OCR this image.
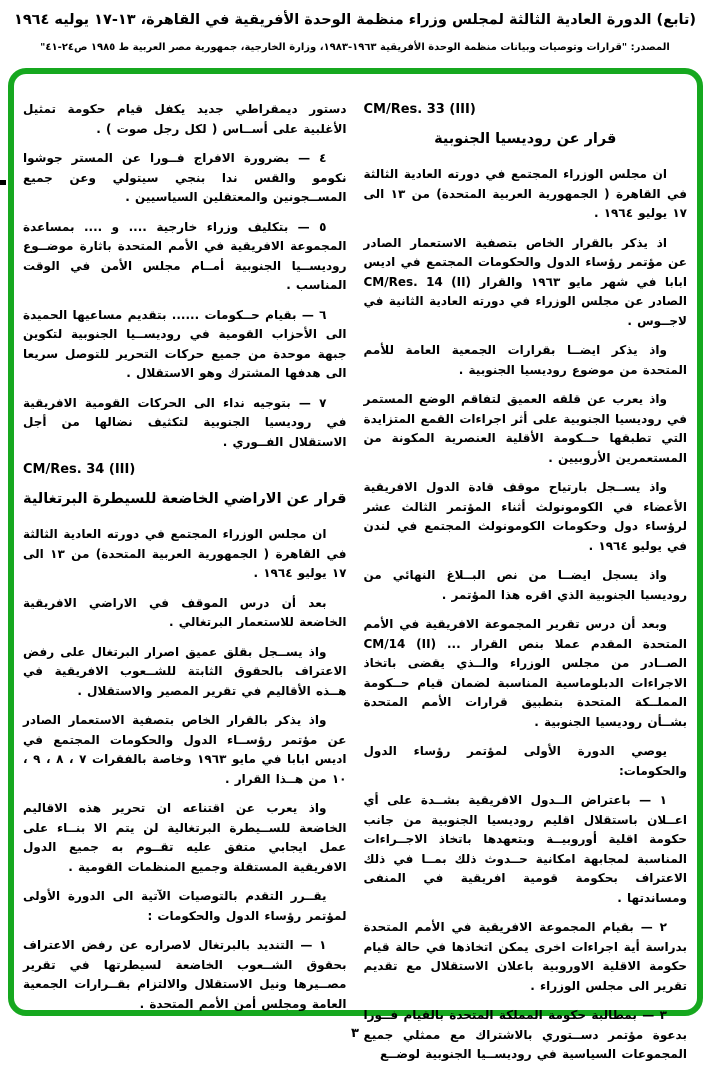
(تابع) الدورة العادية الثالثة لمجلس وزراء منظمة الوحدة الأفريقية في القاهرة، ١٣-١٧ يوليه ١٩٦٤
المصدر: "قرارات وتوصيات وبيانات منظمة الوحدة الأفريقية ١٩٦٣-١٩٨٣، وزارة الخارجية، جمهورية مصر العربية ط ١٩٨٥ ص٢٤-٤١"
CM/Res. 33 (III)
قرار عن روديسيا الجنوبية

ان مجلس الوزراء المجتمع في دورته العادية الثالثة في القاهرة ( الجمهورية العربية المتحدة) من ١٣ الى ١٧ يوليو ١٩٦٤ .

اذ يذكر بالقرار الخاص بتصفية الاستعمار الصادر عن مؤتمر رؤساء الدول والحكومات المجتمع في اديس ابابا في شهر مايو ١٩٦٣ والقرار CM/Res. 14 (II) الصادر عن مجلس الوزراء في دورته العادية الثانية في لاجــوس .

واذ يذكر ايضــا بقرارات الجمعية العامة للأمم المتحدة من موضوع روديسيا الجنوبية .

واذ يعرب عن قلقه العميق لتفاقم الوضع المستمر في روديسيا الجنوبية على أثر اجراءات القمع المتزايدة التي تطبقها حــكومة الأقلية العنصرية المكونة من المستعمرين الأروبيين .

واذ يســجل بارتياح موقف قادة الدول الافريقية الأعضاء في الكومونولث أثناء المؤتمر الثالث عشر لرؤساء دول وحكومات الكومونولث المجتمع في لندن في يوليو ١٩٦٤ .

واذ يسجل ايضــا من نص البــلاغ النهائي من روديسيا الجنوبية الذي اقره هذا المؤتمر .

وبعد أن درس تقرير المجموعة الافريقية في الأمم المتحدة المقدم عملا بنص القرار ... CM/14 (II) الصــادر من مجلس الوزراء والــذي يقضى باتخاذ الاجراءات الدبلوماسية المناسبة لضمان قيام حــكومة المملــكة المتحدة بتطبيق قرارات الأمم المتحدة بشــأن روديسيا الجنوبية .

يوصي الدورة الأولى لمؤتمر رؤساء الدول والحكومات:

١ — باعتراض الــدول الافريقية بشــدة على أي اعــلان باستقلال اقليم روديسيا الجنوبية من جانب حكومة اقلية أوروبيــة وبتعهدها باتخاذ الاجــراءات المناسبة لمجابهة امكانية حــدوث ذلك بمــا في ذلك الاعتراف بحكومة قومية افريقية في المنفى ومساندتها .

٢ — بقيام المجموعة الافريقية في الأمم المتحدة بدراسة أية اجراءات اخرى يمكن اتخاذها في حالة قيام حكومة الاقلية الاوروبية باعلان الاستقلال مع تقديم تقرير الى مجلس الوزراء .

٣ — بمطالبة حكومة المملكة المتحدة بالقيام فــورا بدعوة مؤتمر دســتوري بالاشتراك مع ممثلي جميع المجموعات السياسية في روديســيا الجنوبية لوضــع

دستور ديمقراطي جديد يكفل قيام حكومة تمثيل الأغلبية على أســاس ( لكل رجل صوت ) .

٤ — بضرورة الافراج فــورا عن المستر جوشوا نكومو والقس ندا بنجي سيتولي وعن جميع المســجونين والمعتقلين السياسيين .

٥ — بتكليف وزراء خارجية .... و .... بمساعدة المجموعة الافريقية في الأمم المتحدة باثارة موضــوع روديســيا الجنوبية أمــام مجلس الأمن في الوقت المناسب .

٦ — بقيام حــكومات ...... بتقديم مساعيها الحميدة الى الأحزاب القومية في روديســيا الجنوبية لتكوين جبهة موحدة من جميع حركات التحرير للتوصل سريعا الى هدفها المشترك وهو الاستقلال .

٧ — بتوجيه نداء الى الحركات القومية الافريقية في روديسيا الجنوبية لتكثيف نضالها من أجل الاستقلال الفــوري .

CM/Res. 34 (III)
قرار عن الاراضي الخاضعة للسيطرة البرتغالية

ان مجلس الوزراء المجتمع في دورته العادية الثالثة في القاهرة ( الجمهورية العربية المتحدة) من ١٣ الى ١٧ يوليو ١٩٦٤ .

بعد أن درس الموقف في الاراضي الافريقية الخاضعة للاستعمار البرتغالي .

واذ يســجل بقلق عميق اصرار البرتغال على رفض الاعتراف بالحقوق الثابتة للشــعوب الافريقية في هــذه الأقاليم في تقرير المصير والاستقلال .

واذ يذكر بالقرار الخاص بتصفية الاستعمار الصادر عن مؤتمر رؤســاء الدول والحكومات المجتمع في اديس ابابا في مايو ١٩٦٣ وخاصة بالفقرات ٧ ، ٨ ، ٩ ، ١٠ من هــذا القرار .

واذ يعرب عن اقتناعه ان تحرير هذه الاقاليم الخاضعة للســيطرة البرتغالية لن يتم الا بنــاء على عمل ايجابي متفق عليه تقــوم به جميع الدول الافريقية المستقلة وجميع المنظمات القومية .

يقــرر التقدم بالتوصيات الآتية الى الدورة الأولى لمؤتمر رؤساء الدول والحكومات :

١ — التنديد بالبرتغال لاصراره عن رفض الاعتراف بحقوق الشــعوب الخاضعة لسيطرتها في تقرير مصــيرها ونيل الاستقلال والالتزام بقــرارات الجمعية العامة ومجلس أمن الأمم المتحدة .

٣
